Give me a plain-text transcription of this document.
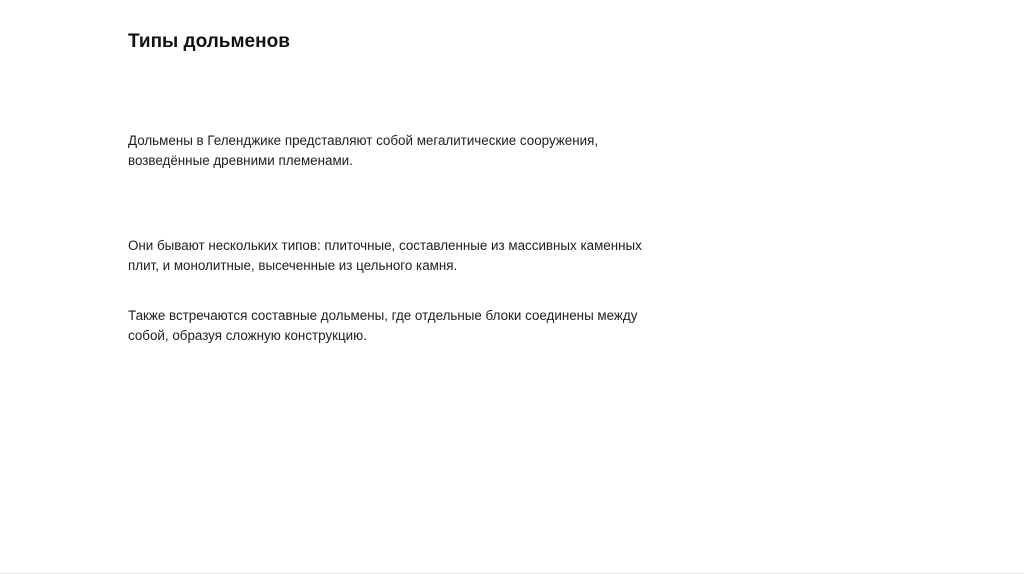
Типы дольменов

Дольмены в Геленджике представляют собой мегалитические сооружения,
возведённые древними племенами.

Они бывают нескольких типов: плиточные, составленные из массивных каменных
плит, и монолитные, высеченные из цельного камня.

Также встречаются составные дольмены, где отдельные блоки соединены между
собой, образуя сложную конструкцию.
